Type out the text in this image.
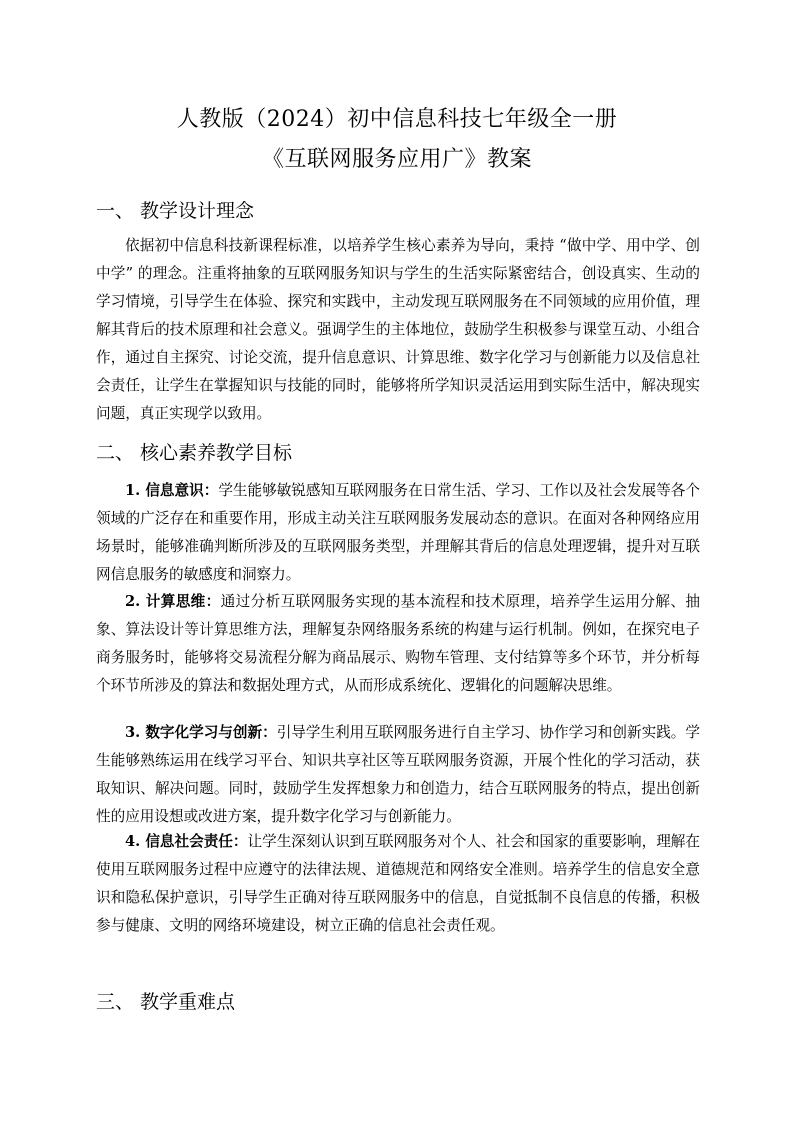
人教版（2024）初中信息科技七年级全一册
《互联网服务应用广》教案
一、 教学设计理念

依据初中信息科技新课程标准，以培养学生核心素养为导向，秉持 “做中学、用中学、创中学” 的理念。注重将抽象的互联网服务知识与学生的生活实际紧密结合，创设真实、生动的学习情境，引导学生在体验、探究和实践中，主动发现互联网服务在不同领域的应用价值，理解其背后的技术原理和社会意义。强调学生的主体地位，鼓励学生积极参与课堂互动、小组合作，通过自主探究、讨论交流，提升信息意识、计算思维、数字化学习与创新能力以及信息社会责任，让学生在掌握知识与技能的同时，能够将所学知识灵活运用到实际生活中，解决现实问题，真正实现学以致用。

二、 核心素养教学目标

1. 信息意识：学生能够敏锐感知互联网服务在日常生活、学习、工作以及社会发展等各个领域的广泛存在和重要作用，形成主动关注互联网服务发展动态的意识。在面对各种网络应用场景时，能够准确判断所涉及的互联网服务类型，并理解其背后的信息处理逻辑，提升对互联网信息服务的敏感度和洞察力。

2. 计算思维：通过分析互联网服务实现的基本流程和技术原理，培养学生运用分解、抽象、算法设计等计算思维方法，理解复杂网络服务系统的构建与运行机制。例如，在探究电子商务服务时，能够将交易流程分解为商品展示、购物车管理、支付结算等多个环节，并分析每个环节所涉及的算法和数据处理方式，从而形成系统化、逻辑化的问题解决思维。

3. 数字化学习与创新：引导学生利用互联网服务进行自主学习、协作学习和创新实践。学生能够熟练运用在线学习平台、知识共享社区等互联网服务资源，开展个性化的学习活动，获取知识、解决问题。同时，鼓励学生发挥想象力和创造力，结合互联网服务的特点，提出创新性的应用设想或改进方案，提升数字化学习与创新能力。

4. 信息社会责任：让学生深刻认识到互联网服务对个人、社会和国家的重要影响，理解在使用互联网服务过程中应遵守的法律法规、道德规范和网络安全准则。培养学生的信息安全意识和隐私保护意识，引导学生正确对待互联网服务中的信息，自觉抵制不良信息的传播，积极参与健康、文明的网络环境建设，树立正确的信息社会责任观。

三、 教学重难点
